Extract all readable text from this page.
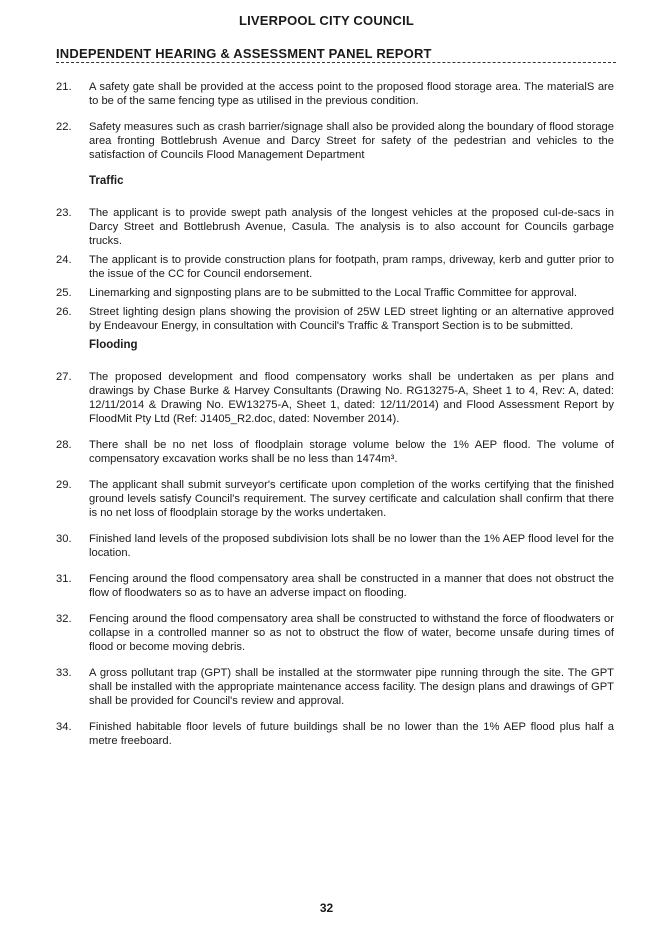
LIVERPOOL CITY COUNCIL
INDEPENDENT HEARING & ASSESSMENT PANEL REPORT
21. A safety gate shall be provided at the access point to the proposed flood storage area. The materialS are to be of the same fencing type as utilised in the previous condition.
22. Safety measures such as crash barrier/signage shall also be provided along the boundary of flood storage area fronting Bottlebrush Avenue and Darcy Street for safety of the pedestrian and vehicles to the satisfaction of Councils Flood Management Department
Traffic
23. The applicant is to provide swept path analysis of the longest vehicles at the proposed cul-de-sacs in Darcy Street and Bottlebrush Avenue, Casula. The analysis is to also account for Councils garbage trucks.
24. The applicant is to provide construction plans for footpath, pram ramps, driveway, kerb and gutter prior to the issue of the CC for Council endorsement.
25. Linemarking and signposting plans are to be submitted to the Local Traffic Committee for approval.
26. Street lighting design plans showing the provision of 25W LED street lighting or an alternative approved by Endeavour Energy, in consultation with Council's Traffic & Transport Section is to be submitted.
Flooding
27. The proposed development and flood compensatory works shall be undertaken as per plans and drawings by Chase Burke & Harvey Consultants (Drawing No. RG13275-A, Sheet 1 to 4, Rev: A, dated: 12/11/2014 & Drawing No. EW13275-A, Sheet 1, dated: 12/11/2014) and Flood Assessment Report by FloodMit Pty Ltd (Ref: J1405_R2.doc, dated: November 2014).
28. There shall be no net loss of floodplain storage volume below the 1% AEP flood. The volume of compensatory excavation works shall be no less than 1474m³.
29. The applicant shall submit surveyor's certificate upon completion of the works certifying that the finished ground levels satisfy Council's requirement. The survey certificate and calculation shall confirm that there is no net loss of floodplain storage by the works undertaken.
30. Finished land levels of the proposed subdivision lots shall be no lower than the 1% AEP flood level for the location.
31. Fencing around the flood compensatory area shall be constructed in a manner that does not obstruct the flow of floodwaters so as to have an adverse impact on flooding.
32. Fencing around the flood compensatory area shall be constructed to withstand the force of floodwaters or collapse in a controlled manner so as not to obstruct the flow of water, become unsafe during times of flood or become moving debris.
33. A gross pollutant trap (GPT) shall be installed at the stormwater pipe running through the site. The GPT shall be installed with the appropriate maintenance access facility. The design plans and drawings of GPT shall be provided for Council's review and approval.
34. Finished habitable floor levels of future buildings shall be no lower than the 1% AEP flood plus half a metre freeboard.
32
